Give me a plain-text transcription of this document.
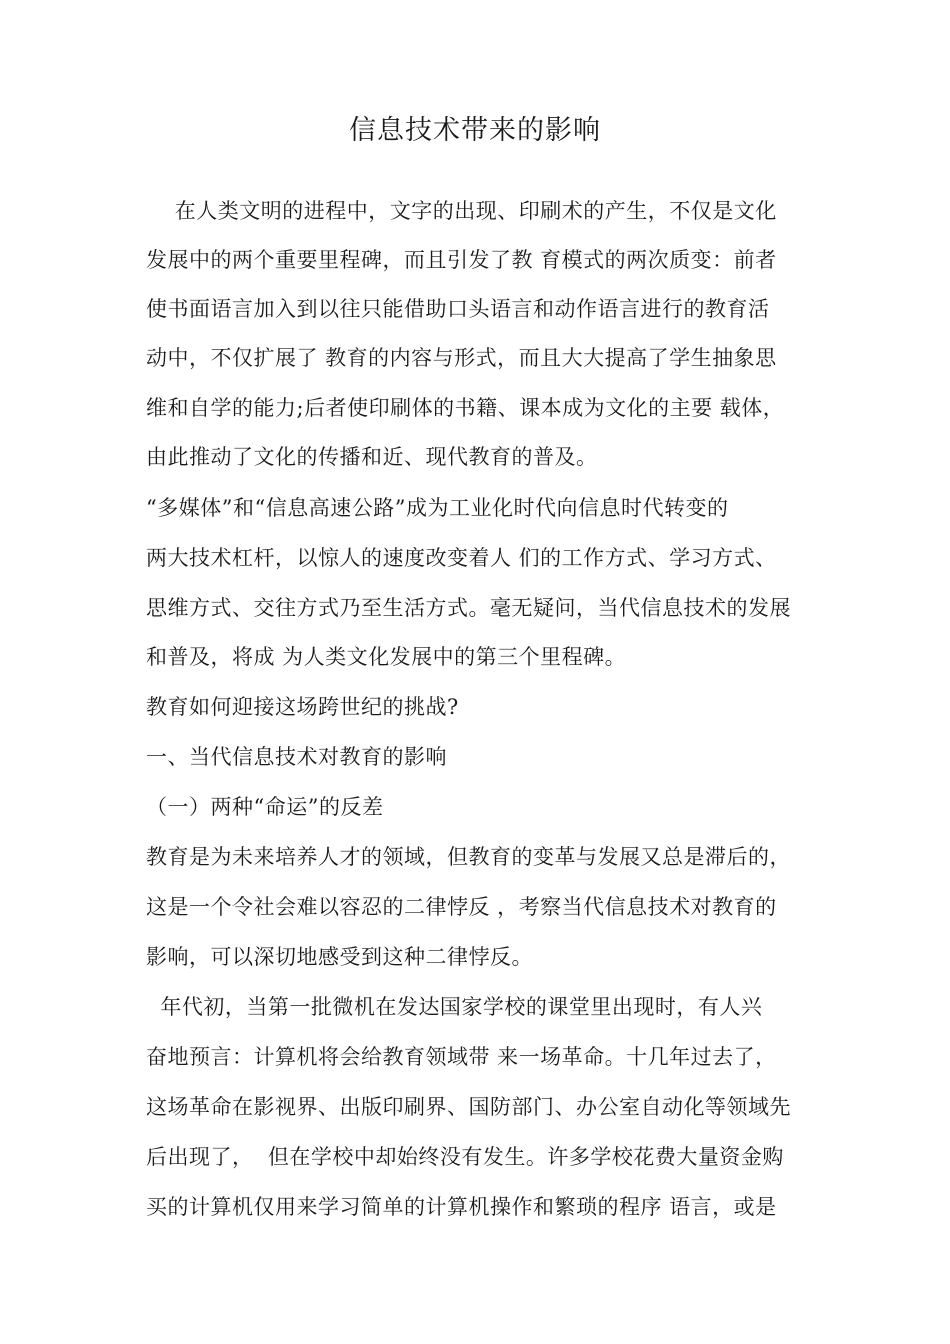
信息技术带来的影响
在人类文明的进程中，文字的出现、印刷术的产生，不仅是文化
发展中的两个重要里程碑，而且引发了教 育模式的两次质变：前者
使书面语言加入到以往只能借助口头语言和动作语言进行的教育活
动中，不仅扩展了 教育的内容与形式，而且大大提高了学生抽象思
维和自学的能力;后者使印刷体的书籍、课本成为文化的主要 载体，
由此推动了文化的传播和近、现代教育的普及。
“多媒体”和“信息高速公路”成为工业化时代向信息时代转变的
两大技术杠杆，以惊人的速度改变着人 们的工作方式、学习方式、
思维方式、交往方式乃至生活方式。毫无疑问，当代信息技术的发展
和普及，将成 为人类文化发展中的第三个里程碑。
教育如何迎接这场跨世纪的挑战?
一、当代信息技术对教育的影响
（一）两种“命运”的反差
教育是为未来培养人才的领域，但教育的变革与发展又总是滞后的，
这是一个令社会难以容忍的二律悖反 ，考察当代信息技术对教育的
影响，可以深切地感受到这种二律悖反。
年代初，当第一批微机在发达国家学校的课堂里出现时，有人兴
奋地预言：计算机将会给教育领域带 来一场革命。十几年过去了，
这场革命在影视界、出版印刷界、国防部门、办公室自动化等领域先
后出现了，  但在学校中却始终没有发生。许多学校花费大量资金购
买的计算机仅用来学习简单的计算机操作和繁琐的程序 语言，或是
